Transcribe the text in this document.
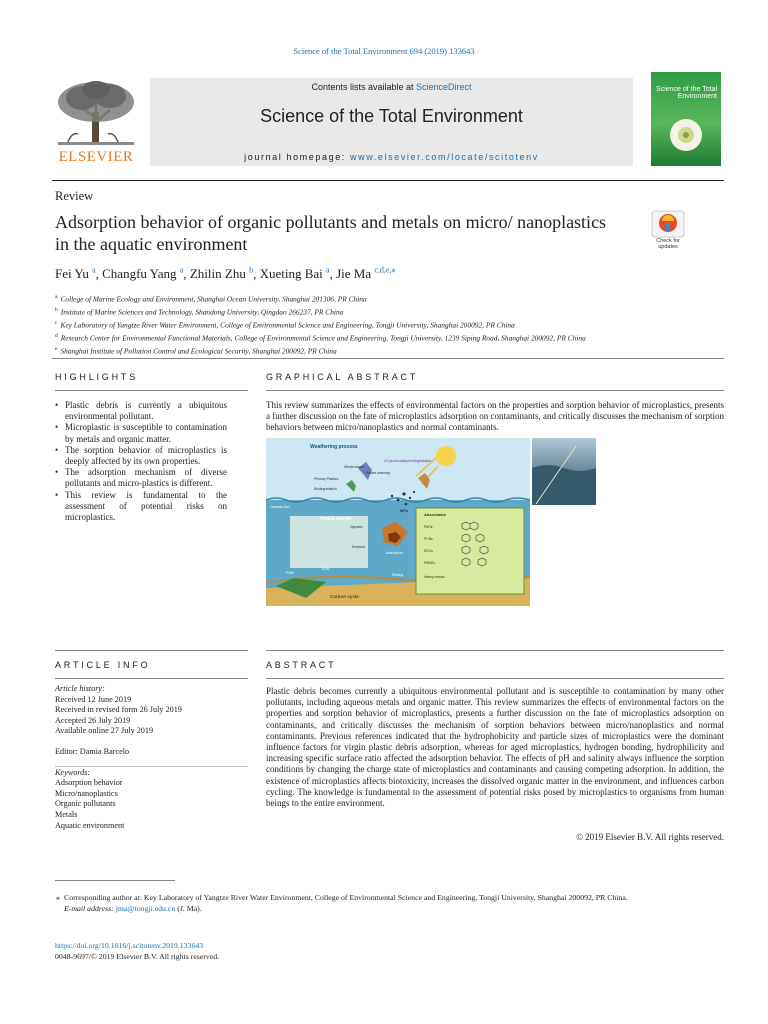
Science of the Total Environment 694 (2019) 133643
ELSEVIER
Contents lists available at ScienceDirect
Science of the Total Environment
journal homepage: www.elsevier.com/locate/scitotenv
Science of the Total Environment
Review
Adsorption behavior of organic pollutants and metals on micro/ nanoplastics in the aquatic environment	Check for updates
Fei Yu $^a$, Changfu Yang $^a$, Zhilin Zhu $^b$, Xueting Bai $^a$, Jie Ma $^{c,d,e,⁎}$
$^a$ College of Marine Ecology and Environment, Shanghai Ocean University, Shanghai 201306, PR China
$^b$ Institute of Marine Sciences and Technology, Shandong University, Qingdao 266237, PR China
$^c$ Key Laboratory of Yangtze River Water Environment, College of Environmental Science and Engineering, Tongji University, Shanghai 200092, PR China
$^d$ Research Center for Environmental Functional Materials, College of Environmental Science and Engineering, Tongji University, 1239 Siping Road, Shanghai 200092, PR China
$^e$ Shanghai Institute of Pollution Control and Ecological Security, Shanghai 200092, PR China
HIGHLIGHTS
• Plastic debris is currently a ubiquitous environmental pollutant.
• Microplastic is susceptible to contamination by metals and organic matter.
• The sorption behavior of microplastics is deeply affected by its own properties.
• The adsorption mechanism of diverse pollutants and micro-plastics is different.
• This review is fundamental to the assessment of potential risks on microplastics.
GRAPHICAL ABSTRACT
This review summarizes the effects of environmental factors on the properties and sorption behavior of microplastics, presents a further discussion on the fate of microplastics adsorption on contaminants, and critically discusses the mechanism of sorption behaviors between micro/nanoplastics and normal contaminants.
Weathering process
UV-photocatalyzed degradation
Winds waves
Waves washing
Primary Plastics
Biodegradation
MPs
Oceanic flux
Trophic transfer
Ingestion
Excretion
Adsorbates
PAHs
PCBs
EDCs
PBDEs
Heavy metals
Adsorption
Sinking
POM
DOM
Carbon cycle
ARTICLE INFO	ABSTRACT
Article history:
Received 12 June 2019
Received in revised form 26 July 2019
Accepted 26 July 2019
Available online 27 July 2019
Editor: Damia Barcelo
Keywords:
Adsorption behavior
Micro/nanoplastics
Organic pollutants
Metals
Aquatic environment
Plastic debris becomes currently a ubiquitous environmental pollutant and is susceptible to contamination by many other pollutants, including aqueous metals and organic matter. This review summarizes the effects of environmental factors on the properties and sorption behavior of microplastics, presents a further discussion on the fate of microplastics adsorption on contaminants, and critically discusses the mechanism of sorption behaviors between micro/nanoplastics and normal contaminants. Previous references indicated that the hydrophobicity and particle sizes of microplastics were the dominant influence factors for virgin plastic debris adsorption, whereas for aged microplastics, hydrogen bonding, hydrophilicity and increasing specific surface ratio affected the adsorption behavior. The effects of pH and salinity always influence the sorption conditions by changing the charge state of microplastics and contaminants and causing competing adsorption. In addition, the existence of microplastics affects biotoxicity, increases the dissolved organic matter in the environment, and influences carbon cycling. The knowledge is fundamental to the assessment of potential risks posed by microplastics to organisms from human beings to the entire environment.
© 2019 Elsevier B.V. All rights reserved.
⁎ Corresponding author at: Key Laboratory of Yangtze River Water Environment, College of Environmental Science and Engineering, Tongji University, Shanghai 200092, PR China.
E-mail address: jma@tongji.edu.cn (J. Ma).
https://doi.org/10.1016/j.scitotenv.2019.133643
0048-9697/© 2019 Elsevier B.V. All rights reserved.
